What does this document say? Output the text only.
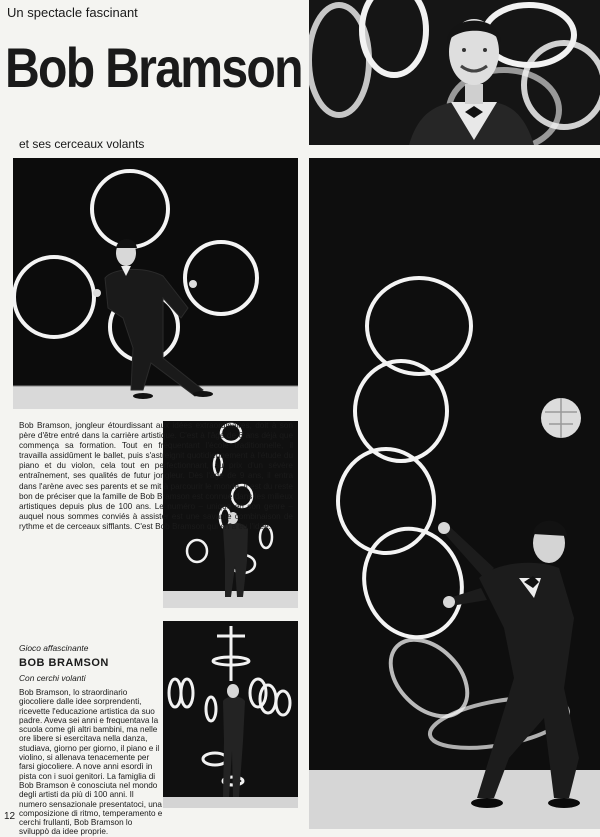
Un spectacle fascinant
Bob Bramson
et ses cerceaux volants

Bob Bramson, jongleur étourdissant aux idées extraordinaires, doit à son père d'être entré dans la carrière artistique. C'est à l'âge de 6 ans déjà que commença sa formation. Tout en fréquentant l'école traditionnelle, il travailla assidûment le ballet, puis s'astreignit quotidiennement à l'étude du piano et du violon, cela tout en perfectionnant, au prix d'un sévère entraînement, ses qualités de futur jongleur. Dès l'âge de 9 ans, il entra dans l'arène avec ses parents et se mit à parcourir le monde. Il est du reste bon de préciser que la famille de Bob Bramson est connue dans les milieux artistiques depuis plus de 100 ans. Le numéro – unique en son genre – auquel nous sommes conviés à assister est une savante combinaison de rythme et de cerceaux sifflants. C'est Bob Bramson qui en a eu l'idée.

Gioco affascinante
BOB BRAMSON
Con cerchi volanti

Bob Bramson, lo straordinario giocoliere dalle idee sorprendenti, ricevette l'educazione artistica da suo padre. Aveva sei anni e frequentava la scuola come gli altri bambini, ma nelle ore libere si esercitava nella danza, studiava, giorno per giorno, il piano e il violino, si allenava tenacemente per farsi giocoliere. A nove anni esordì in pista con i suoi genitori. La famiglia di Bob Bramson è conosciuta nel mondo degli artisti da più di 100 anni. Il numero sensazionale presentatoci, una composizione di ritmo, temperamento e cerchi frullanti, Bob Bramson lo sviluppò da idee proprie.

12
